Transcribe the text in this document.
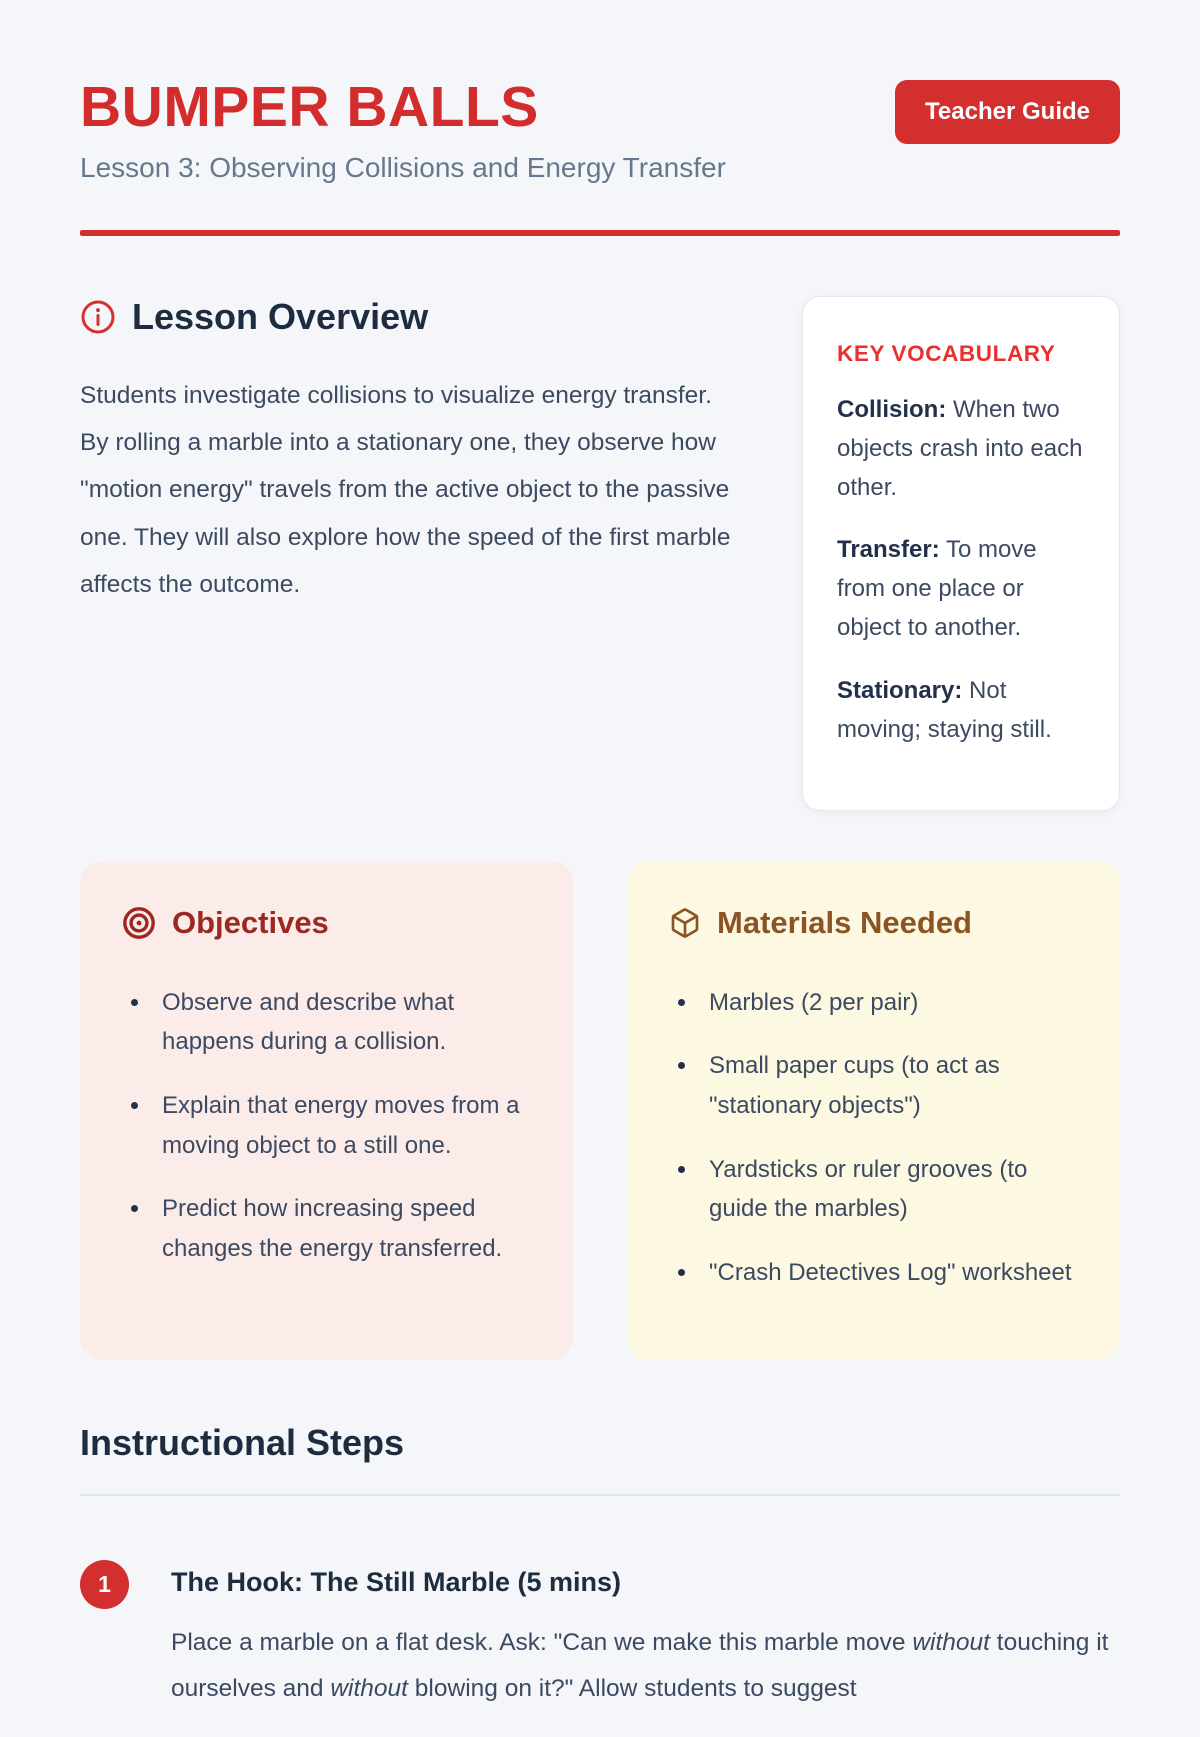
BUMPER BALLS
Lesson 3: Observing Collisions and Energy Transfer
Teacher Guide
Lesson Overview

Students investigate collisions to visualize energy transfer. By rolling a marble into a stationary one, they observe how "motion energy" travels from the active object to the passive one. They will also explore how the speed of the first marble affects the outcome.

KEY VOCABULARY

Collision: When two objects crash into each other.

Transfer: To move from one place or object to another.

Stationary: Not moving; staying still.

Objectives
• Observe and describe what happens during a collision.
• Explain that energy moves from a moving object to a still one.
• Predict how increasing speed changes the energy transferred.
Materials Needed
• Marbles (2 per pair)
• Small paper cups (to act as "stationary objects")
• Yardsticks or ruler grooves (to guide the marbles)
• "Crash Detectives Log" worksheet
Instructional Steps
1	The Hook: The Still Marble (5 mins)

Place a marble on a flat desk. Ask: "Can we make this marble move without touching it ourselves and without blowing on it?" Allow students to suggest
